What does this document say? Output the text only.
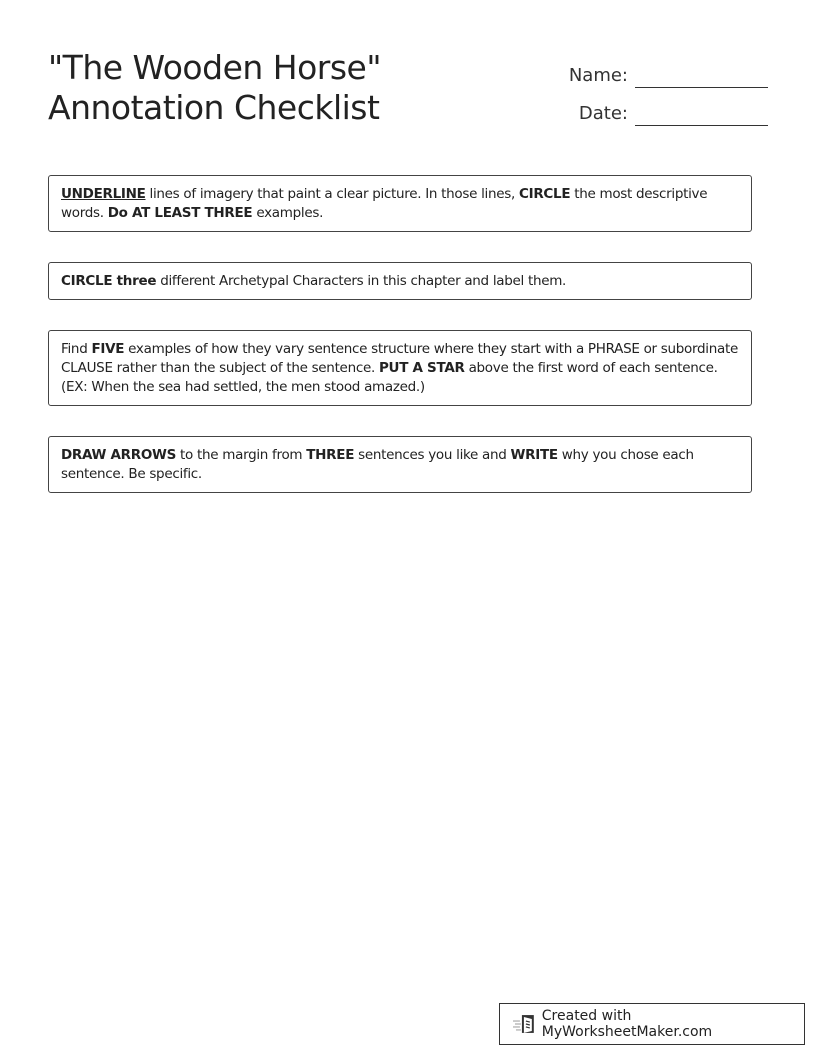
"The Wooden Horse" Annotation Checklist
Name:
Date:
UNDERLINE lines of imagery that paint a clear picture. In those lines, CIRCLE the most descriptive words. Do AT LEAST THREE examples.
CIRCLE three different Archetypal Characters in this chapter and label them.
Find FIVE examples of how they vary sentence structure where they start with a PHRASE or subordinate CLAUSE rather than the subject of the sentence. PUT A STAR above the first word of each sentence. (EX: When the sea had settled, the men stood amazed.)
DRAW ARROWS to the margin from THREE sentences you like and WRITE why you chose each sentence. Be specific.
Created with MyWorksheetMaker.com
